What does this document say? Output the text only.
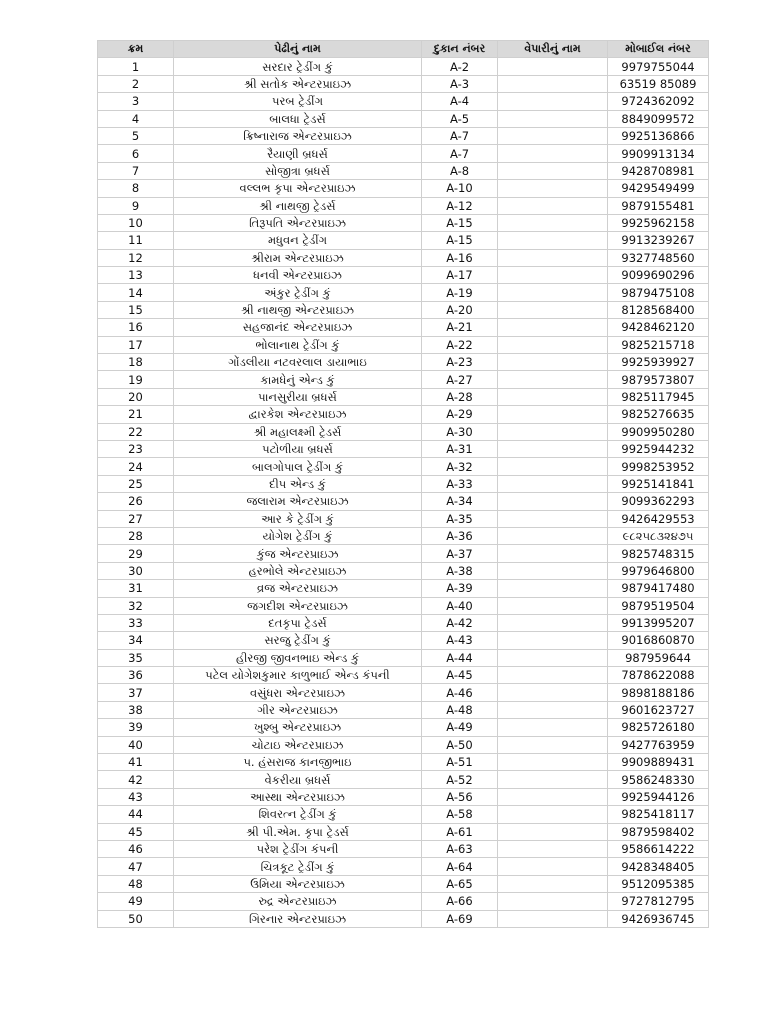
ક્રમ	પેઢીનું નામ	દુકાન નંબર	વેપારીનું નામ	મોબાઈલ નંબર
1	સરદાર ટ્રેડીંગ કું	A-2		9979755044
2	શ્રી સતોક એન્ટરપ્રાઇઝ	A-3		63519 85089
3	પરબ ટ્રેડીંગ	A-4		9724362092
4	બાલધા ટ્રેડર્સ	A-5		8849099572
5	ક્રિષ્નારાજ એન્ટરપ્રાઇઝ	A-7		9925136866
6	રૈયાણી બ્રધર્સ	A-7		9909913134
7	સોજીત્રા બ્રધર્સ	A-8		9428708981
8	વલ્લભ કૃપા એન્ટરપ્રાઇઝ	A-10		9429549499
9	શ્રી નાથજી ટ્રેડર્સ	A-12		9879155481
10	તિરૂપતિ એન્ટરપ્રાઇઝ	A-15		9925962158
11	મધુવન ટ્રેડીંગ	A-15		9913239267
12	શ્રીરામ એન્ટરપ્રાઇઝ	A-16		9327748560
13	ધનવી એન્ટરપ્રાઇઝ	A-17		9099690296
14	અંકુર ટ્રેડીંગ કું	A-19		9879475108
15	શ્રી નાથજી એન્ટરપ્રાઇઝ	A-20		8128568400
16	સહજાનંદ એન્ટરપ્રાઇઝ	A-21		9428462120
17	ભોલાનાથ ટ્રેડીંગ કું	A-22		9825215718
18	ગોંડલીયા નટવરલાલ ડાયાભાઇ	A-23		9925939927
19	કામધેનું એન્ડ કું	A-27		9879573807
20	પાનસુરીયા બ્રધર્સ	A-28		9825117945
21	દ્વારકેશ એન્ટરપ્રાઇઝ	A-29		9825276635
22	શ્રી મહાલક્ષ્મી ટ્રેડર્સ	A-30		9909950280
23	પટોળીયા બ્રધર્સ	A-31		9925944232
24	બાલગોપાલ ટ્રેડીંગ કું	A-32		9998253952
25	દીપ એન્ડ કું	A-33		9925141841
26	જલારામ એન્ટરપ્રાઇઝ	A-34		9099362293
27	આર કે ટ્રેડીંગ કું	A-35		9426429553
28	યોગેશ ટ્રેડીંગ કું	A-36		૯૮૨૫૮૩૨૪૭૫
29	કુંજ એન્ટરપ્રાઇઝ	A-37		9825748315
30	હરભોલે એન્ટરપ્રાઇઝ	A-38		9979646800
31	વ્રજ એન્ટરપ્રાઇઝ	A-39		9879417480
32	જગદીશ એન્ટરપ્રાઇઝ	A-40		9879519504
33	દતકૃપા ટ્રેડર્સ	A-42		9913995207
34	સરજુ ટ્રેડીંગ કું	A-43		9016860870
35	હીરજી જીવનભાઇ એન્ડ કું	A-44		987959644
36	પટેલ યોગેશકુમાર કાળુભાઈ એન્ડ કંપની	A-45		7878622088
37	વસુંધરા એન્ટરપ્રાઇઝ	A-46		9898188186
38	ગીર એન્ટરપ્રાઇઝ	A-48		9601623727
39	ખુશ્બુ એન્ટરપ્રાઇઝ	A-49		9825726180
40	ચોટાઇ એન્ટરપ્રાઇઝ	A-50		9427763959
41	પ. હંસરાજ કાનજીભાઇ	A-51		9909889431
42	વેકરીયા બ્રધર્સ	A-52		9586248330
43	આસ્થા એન્ટરપ્રાઇઝ	A-56		9925944126
44	શિવરત્ન ટ્રેડીંગ કું	A-58		9825418117
45	શ્રી પી.એમ. કૃપા ટ્રેડર્સ	A-61		9879598402
46	પરેશ ટ્રેડીંગ કંપની	A-63		9586614222
47	ચિત્રકૂટ ટ્રેડીંગ કું	A-64		9428348405
48	ઉમિયા એન્ટરપ્રાઇઝ	A-65		9512095385
49	રુદ્ર એન્ટરપ્રાઇઝ	A-66		9727812795
50	ગિરનાર એન્ટરપ્રાઇઝ	A-69		9426936745
